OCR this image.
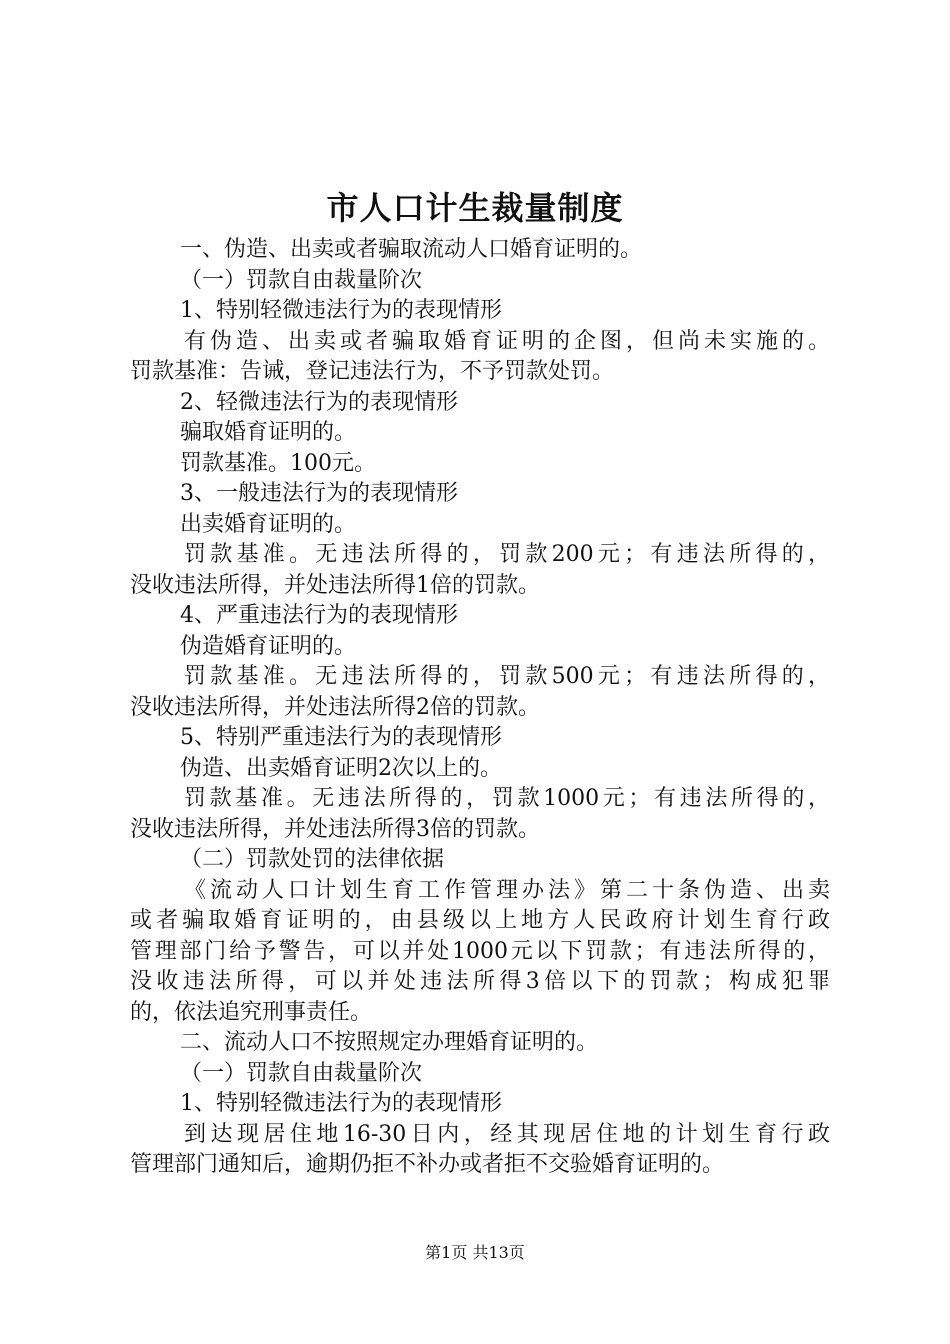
市人口计生裁量制度
一、伪造、出卖或者骗取流动人口婚育证明的。
（一）罚款自由裁量阶次
1、特别轻微违法行为的表现情形
有伪造、出卖或者骗取婚育证明的企图，但尚未实施的。
罚款基准：告诫，登记违法行为，不予罚款处罚。
2、轻微违法行为的表现情形
骗取婚育证明的。
罚款基准。100元。
3、一般违法行为的表现情形
出卖婚育证明的。
罚款基准。无违法所得的，罚款200元；有违法所得的，
没收违法所得，并处违法所得1倍的罚款。
4、严重违法行为的表现情形
伪造婚育证明的。
罚款基准。无违法所得的，罚款500元；有违法所得的，
没收违法所得，并处违法所得2倍的罚款。
5、特别严重违法行为的表现情形
伪造、出卖婚育证明2次以上的。
罚款基准。无违法所得的，罚款1000元；有违法所得的，
没收违法所得，并处违法所得3倍的罚款。
（二）罚款处罚的法律依据
《流动人口计划生育工作管理办法》第二十条伪造、出卖
或者骗取婚育证明的，由县级以上地方人民政府计划生育行政
管理部门给予警告，可以并处1000元以下罚款；有违法所得的，
没收违法所得，可以并处违法所得3倍以下的罚款；构成犯罪
的，依法追究刑事责任。
二、流动人口不按照规定办理婚育证明的。
（一）罚款自由裁量阶次
1、特别轻微违法行为的表现情形
到达现居住地16-30日内，经其现居住地的计划生育行政
管理部门通知后，逾期仍拒不补办或者拒不交验婚育证明的。
第1页 共13页
